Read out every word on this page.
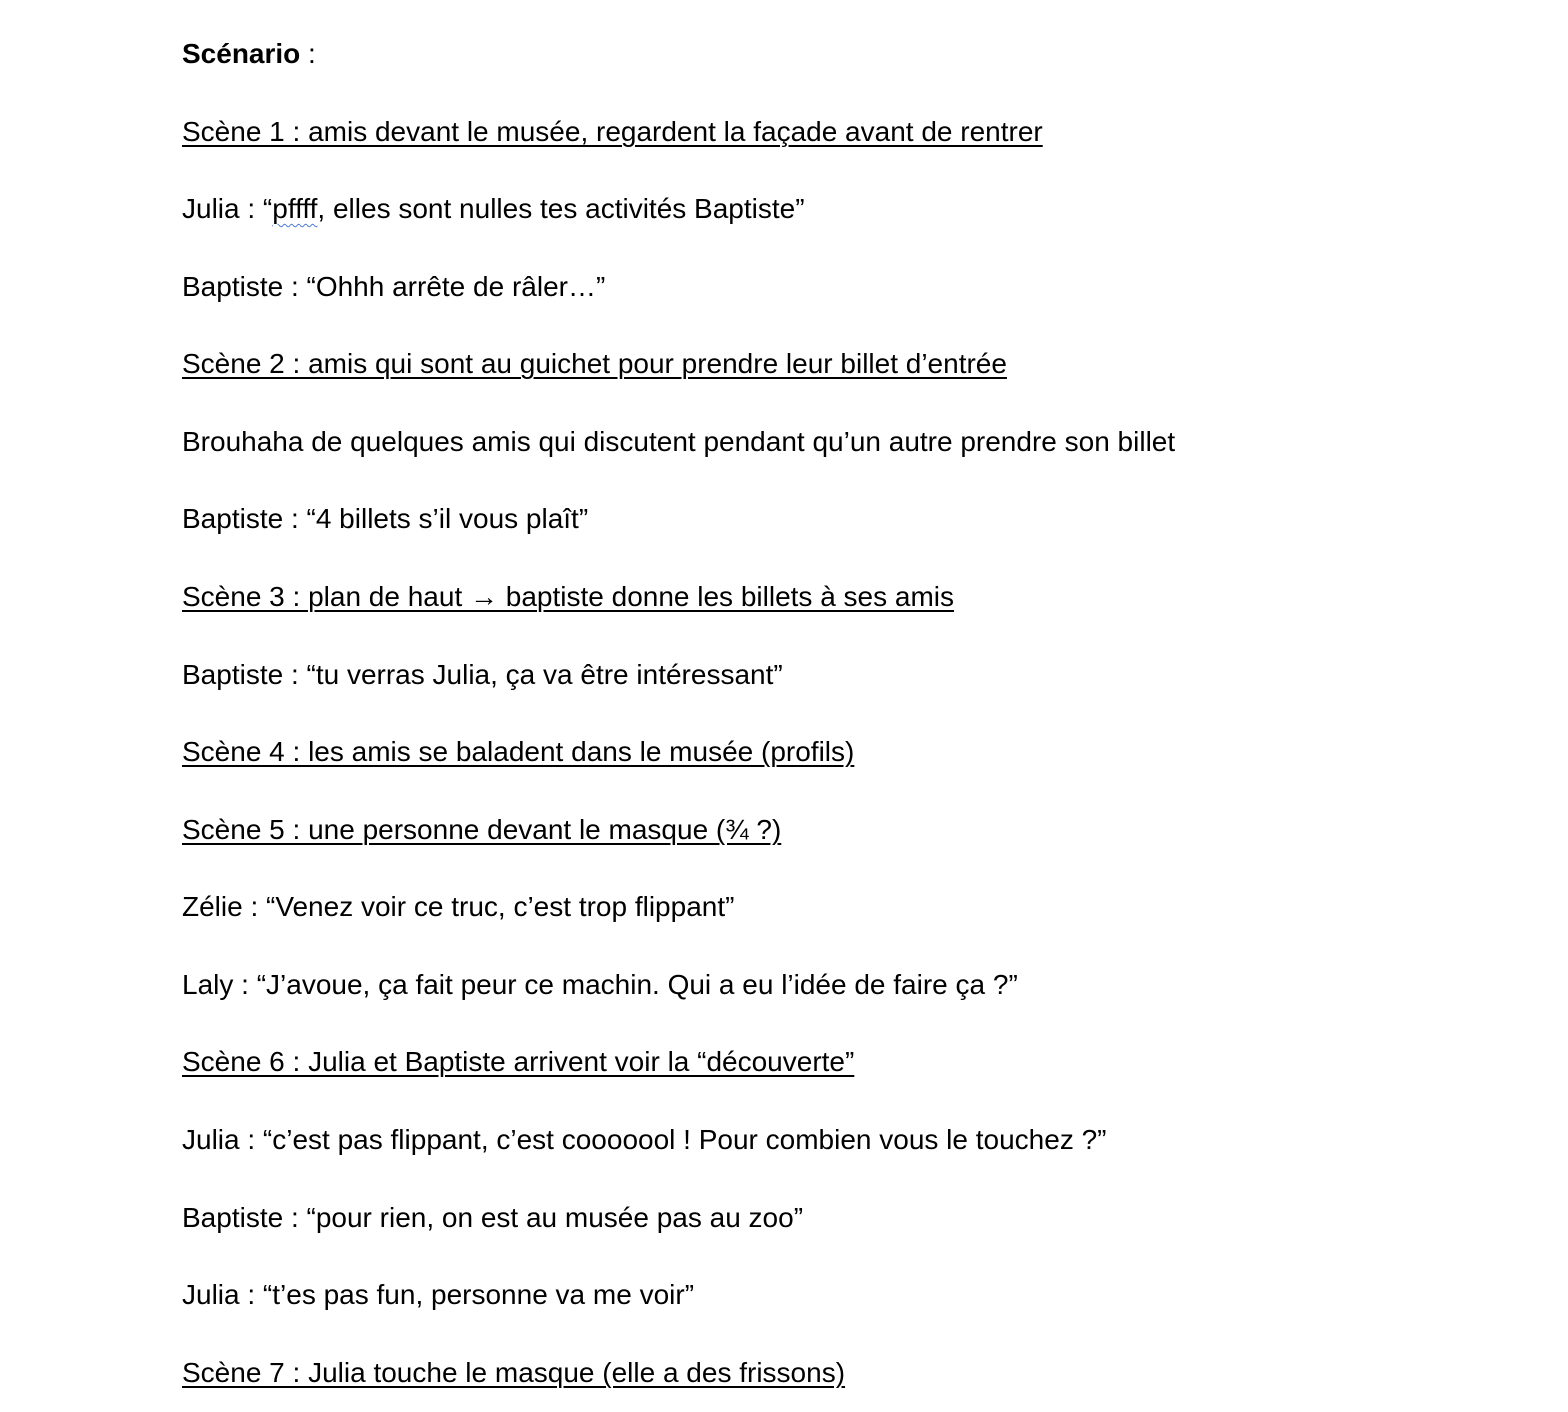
Scénario :
Scène 1 : amis devant le musée, regardent la façade avant de rentrer
Julia : “pffff, elles sont nulles tes activités Baptiste”
Baptiste : “Ohhh arrête de râler…”
Scène 2 : amis qui sont au guichet pour prendre leur billet d’entrée
Brouhaha de quelques amis qui discutent pendant qu’un autre prendre son billet
Baptiste : “4 billets s’il vous plaît”
Scène 3 : plan de haut → baptiste donne les billets à ses amis
Baptiste : “tu verras Julia, ça va être intéressant”
Scène 4 : les amis se baladent dans le musée (profils)
Scène 5 : une personne devant le masque (¾ ?)
Zélie : “Venez voir ce truc, c’est trop flippant”
Laly : “J’avoue, ça fait peur ce machin. Qui a eu l’idée de faire ça ?”
Scène 6 : Julia et Baptiste arrivent voir la “découverte”
Julia : “c’est pas flippant, c’est cooooool ! Pour combien vous le touchez ?”
Baptiste : “pour rien, on est au musée pas au zoo”
Julia : “t’es pas fun, personne va me voir”
Scène 7 : Julia touche le masque (elle a des frissons)
